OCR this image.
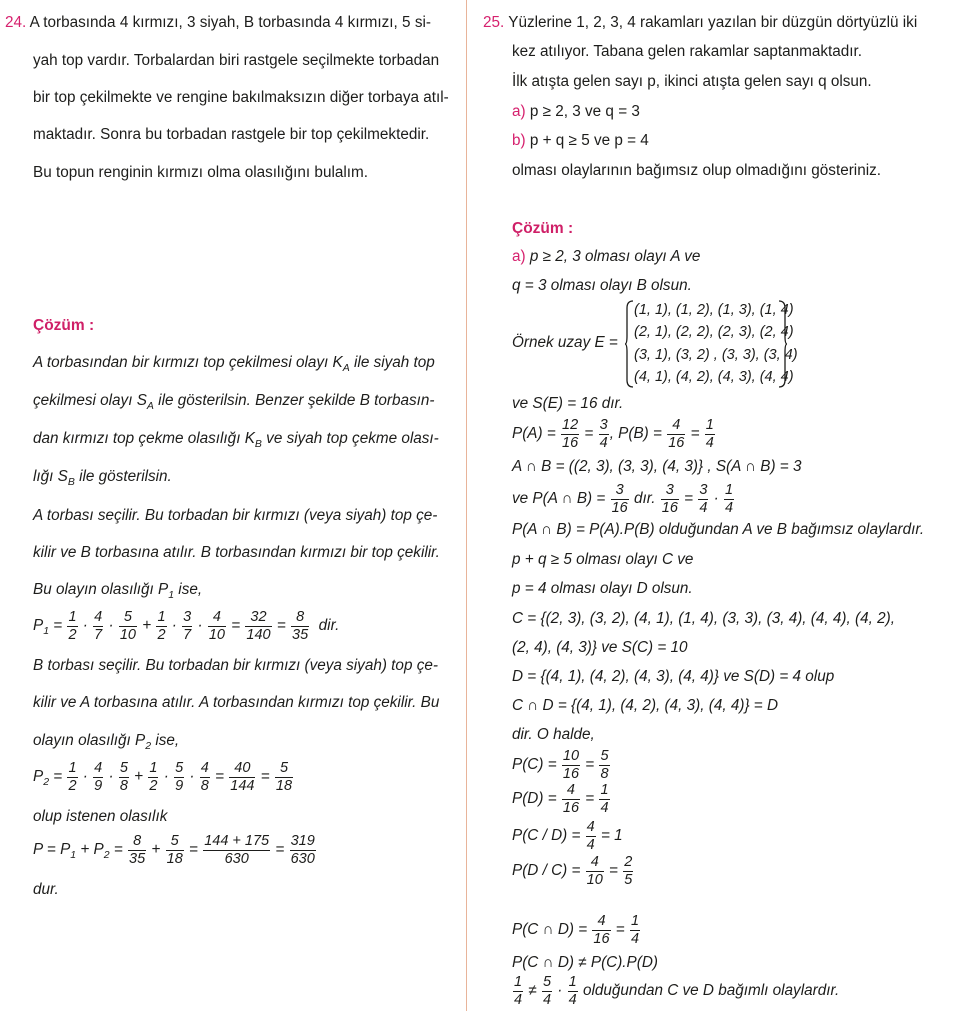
24. A torbasında 4 kırmızı, 3 siyah, B torbasında 4 kırmızı, 5 si-
yah top vardır. Torbalardan biri rastgele seçilmekte torbadan
bir top çekilmekte ve rengine bakılmaksızın diğer torbaya atıl-
maktadır. Sonra bu torbadan rastgele bir top çekilmektedir.
Bu topun renginin kırmızı olma olasılığını bulalım.
Çözüm :
A torbasından bir kırmızı top çekilmesi olayı $K_A$ ile siyah top
çekilmesi olayı $S_A$ ile gösterilsin. Benzer şekilde B torbasın-
dan kırmızı top çekme olasılığı $K_B$ ve siyah top çekme olası-
lığı $S_B$ ile gösterilsin.
A torbası seçilir. Bu torbadan bir kırmızı (veya siyah) top çe-
kilir ve B torbasına atılır. B torbasından kırmızı bir top çekilir.
Bu olayın olasılığı $P_1$ ise,
$P_1 = \frac{1}{2} \cdot \frac{4}{7} \cdot \frac{5}{10} + \frac{1}{2} \cdot \frac{3}{7} \cdot \frac{4}{10} = \frac{32}{140} = \frac{8}{35}$ dir.
B torbası seçilir. Bu torbadan bir kırmızı (veya siyah) top çe-
kilir ve A torbasına atılır. A torbasından kırmızı top çekilir. Bu
olayın olasılığı $P_2$ ise,
$P_2 = \frac{1}{2} \cdot \frac{4}{9} \cdot \frac{5}{8} + \frac{1}{2} \cdot \frac{5}{9} \cdot \frac{4}{8} = \frac{40}{144} = \frac{5}{18}$
olup istenen olasılık
$P = P_1 + P_2 = \frac{8}{35} + \frac{5}{18} = \frac{144 + 175}{630} = \frac{319}{630}$
dur.
25. Yüzlerine 1, 2, 3, 4 rakamları yazılan bir düzgün dörtyüzlü iki
kez atılıyor. Tabana gelen rakamlar saptanmaktadır.
İlk atışta gelen sayı p, ikinci atışta gelen sayı q olsun.
a) p ≥ 2, 3 ve q = 3
b) p + q ≥ 5 ve p = 4
olması olaylarının bağımsız olup olmadığını gösteriniz.
Çözüm :
a) p ≥ 2, 3 olması olayı A ve
q = 3 olması olayı B olsun.
Örnek uzay E =
(1, 1), (1, 2), (1, 3), (1, 4)
(2, 1), (2, 2), (2, 3), (2, 4)
(3, 1), (3, 2) , (3, 3), (3, 4)
(4, 1), (4, 2), (4, 3), (4, 4)
ve S(E) = 16 dır.
$P(A) = \frac{12}{16} = \frac{3}{4}$ , $P(B) = \frac{4}{16} = \frac{1}{4}$
A ∩ B = ((2, 3), (3, 3), (4, 3)} , S(A ∩ B) = 3
ve P(A ∩ $B) = \frac{3}{16}$ dır. $\frac{3}{16} = \frac{3}{4} \cdot \frac{1}{4}$
P(A ∩ B) = P(A).P(B) olduğundan A ve B bağımsız olaylardır.
p + q ≥ 5 olması olayı C ve
p = 4 olması olayı D olsun.
C = {(2, 3), (3, 2), (4, 1), (1, 4), (3, 3), (3, 4), (4, 4), (4, 2),
(2, 4), (4, 3)} ve S(C) = 10
D = {(4, 1), (4, 2), (4, 3), (4, 4)} ve S(D) = 4 olup
C ∩ D = {(4, 1), (4, 2), (4, 3), (4, 4)} = D
dir. O halde,
$P(C) = \frac{10}{16} = \frac{5}{8}$
$P(D) = \frac{4}{16} = \frac{1}{4}$
$P(C / D) = \frac{4}{4} = 1$
$P(D / C) = \frac{4}{10} = \frac{2}{5}$
P(C ∩ $D) = \frac{4}{16} = \frac{1}{4}$
P(C ∩ D) ≠ P(C).P(D)
$\frac{1}{4} \ne \frac{5}{4} \cdot \frac{1}{4}$ olduğundan C ve D bağımlı olaylardır.
